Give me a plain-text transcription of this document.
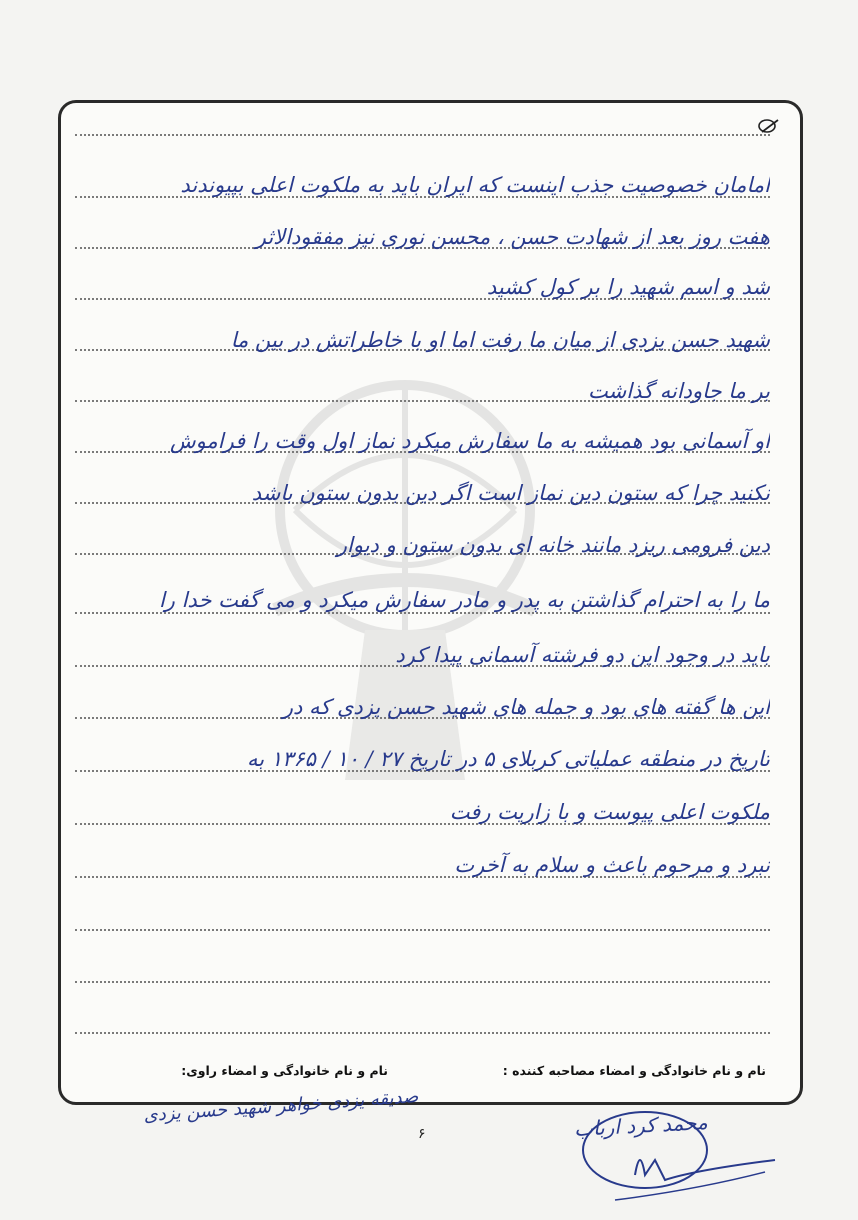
امامان خصوصیت جذب اینست که ایران باید به ملکوت اعلی بپیوندند
هفت روز بعد از شهادت حسن ، محسن نوری نیز مفقودالاثر
شد و اسم شهید را بر کول کشید
شهید حسن یزدی از میان ما رفت اما او با خاطراتش در بین ما
بر ما جاودانه گذاشت
او آسمانی بود همیشه به ما سفارش میکرد نماز اول وقت را فراموش
نکنید چرا که ستون دین نماز است اگر دین بدون ستون باشد
دین فرومی ریزد مانند خانه ای بدون ستون و دیوار
ما را به احترام گذاشتن به پدر و مادر سفارش میکرد و می گفت خدا را
باید در وجود این دو فرشته آسمانی پیدا کرد
این ها گفته های بود و جمله های شهید حسن یزدی که در
تاریخ در منطقه عملیاتی کربلای ۵ در تاریخ ۲۷ / ۱۰ / ۱۳۶۵ به
ملکوت اعلی پیوست و با زاریت رفت
نبرد و مرحوم باعث و سلام به آخرت
نام و نام خانوادگی و امضاء مصاحبه کننده :
نام و نام خانوادگی و امضاء راوی:
صدیقه یزدی خواهر شهید حسن یزدی	محمد کرد ارباب
۶
